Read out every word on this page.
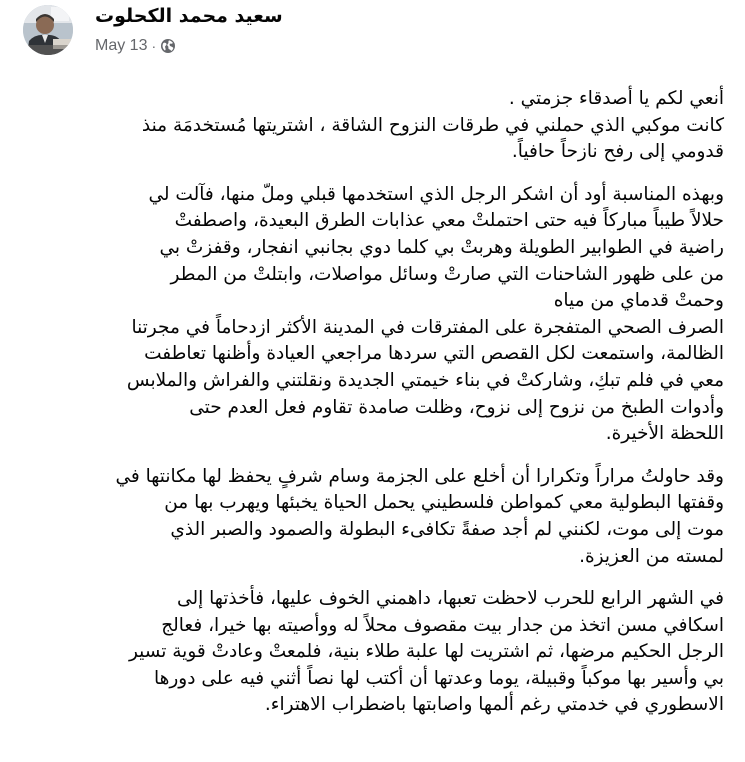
سعيد محمد الكحلوت
May 13 ·

أنعي لكم يا أصدقاء جزمتي .
كانت موكبي الذي حملني في طرقات النزوح الشاقة ، اشتريتها مُستخدمَة منذ
قدومي إلى رفح نازحاً حافياً.

وبهذه المناسبة أود أن اشكر الرجل الذي استخدمها قبلي وملّ منها، فآلت لي
حلالاً طيباً مباركاً فيه حتى احتملتْ معي عذابات الطرق البعيدة، واصطفتْ
راضية في الطوابير الطويلة وهربتْ بي كلما دوي بجانبي انفجار، وقفزتْ بي
من على ظهور الشاحنات التي صارتْ وسائل مواصلات، وابتلتْ من المطر
وحمتْ قدماي من مياه
الصرف الصحي المتفجرة على المفترقات في المدينة الأكثر ازدحاماً في مجرتنا
الظالمة، واستمعت لكل القصص التي سردها مراجعي العيادة وأظنها تعاطفت
معي في فلم تبكِ، وشاركتْ في بناء خيمتي الجديدة ونقلتني والفراش والملابس
وأدوات الطبخ من نزوح إلى نزوح، وظلت صامدة تقاوم فعل العدم حتى
اللحظة الأخيرة.

وقد حاولتُ مراراً وتكرارا أن أخلع على الجزمة وسام شرفٍ يحفظ لها مكانتها في
وقفتها البطولية معي كمواطن فلسطيني يحمل الحياة يخبئها ويهرب بها من
موت إلى موت، لكنني لم أجد صفةً تكافىء البطولة والصمود والصبر الذي
لمسته من العزيزة.

في الشهر الرابع للحرب لاحظت تعبها، داهمني الخوف عليها، فأخذتها إلى
اسكافي مسن اتخذ من جدار بيت مقصوف محلاً له ووأصيته بها خيرا، فعالج
الرجل الحكيم مرضها، ثم اشتريت لها علبة طلاء بنية، فلمعتْ وعادتْ قوية تسير
بي وأسير بها موكباً وقبيلة، يوما وعدتها أن أكتب لها نصاً أثني فيه على دورها
الاسطوري في خدمتي رغم ألمها واصابتها باضطراب الاهتراء.
